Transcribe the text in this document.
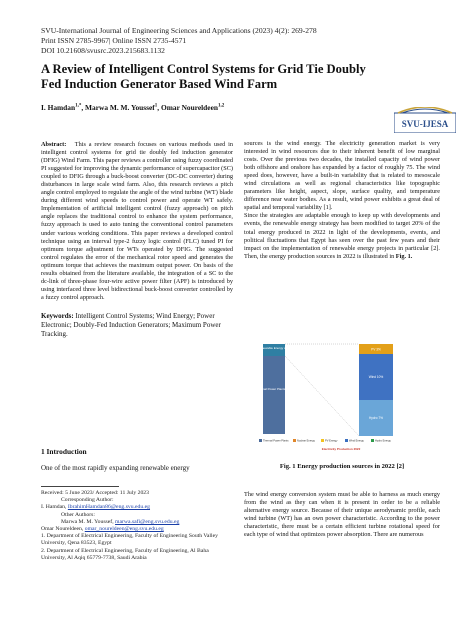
SVU-International Journal of Engineering Sciences and Applications (2023) 4(2): 269-278
Print ISSN 2785-9967| Online ISSN 2735-4571
DOI 10.21608/svusrc.2023.215683.1132
A Review of Intelligent Control Systems for Grid Tie Doubly Fed Induction Generator Based Wind Farm
I. Hamdan$^{1,*}$, Marwa M. M. Youssef$^1$, Omar Noureldeen$^{1,2}$
SVU-IJESA

Abstract: This a review research focuses on various methods used in intelligent control systems for grid tie doubly fed induction generator (DFIG) Wind Farm. This paper reviews a controller using fuzzy coordinated PI suggested for improving the dynamic performance of supercapacitor (SC) coupled to DFIG through a buck-boost converter (DC-DC converter) during disturbances in large scale wind farm. Also, this research reviews a pitch angle control employed to regulate the angle of the wind turbine (WT) blade during different wind speeds to control power and operate WT safely. Implementation of artificial intelligent control (fuzzy approach) on pitch angle replaces the traditional control to enhance the system performance, fuzzy approach is used to auto tuning the conventional control parameters under various working conditions. This paper reviews a developed control technique using an interval type-2 fuzzy logic control (FLC) tuned PI for optimum torque adjustment for WTs operated by DFIG. The suggested control regulates the error of the mechanical rotor speed and generates the optimum torque that achieves the maximum output power. On basis of the results obtained from the literature available, the integration of a SC to the dc-link of three-phase four-wire active power filter (APF) is introduced by using interfaced three level bidirectional buck-boost converter controlled by a fuzzy control approach.

Keywords: Intelligent Control Systems; Wind Energy; Power Electronic; Doubly-Fed Induction Generators; Maximum Power Tracking.

1 Introduction
One of the most rapidly expanding renewable energy
Received: 5 June 2023/ Accepted: 11 July 2023
Corresponding Author:
I. Hamdan, IbrahimHamdan86@eng.svu.edu.eg
Other Authors:
Marwa M. M. Youssef, marwa.safi@eng.svu.edu.eg
Omar Noureldeen, omar_noureldeen@eng.svu.edu.eg
1. Department of Electrical Engineering, Faculty of Engineering South Valley University, Qena 83523, Egypt
2. Department of Electrical Engineering, Faculty of Engineering, Al Baha University, Al Aqiq 65779-7738, Saudi Arabia

sources is the wind energy. The electricity generation market is very interested in wind resources due to their inherent benefit of low marginal costs. Over the previous two decades, the installed capacity of wind power both offshore and onshore has expanded by a factor of roughly 75. The wind speed does, however, have a built-in variability that is related to mesoscale wind circulations as well as regional characteristics like topographic parameters like height, aspect, slope, surface quality, and temperature difference near water bodies. As a result, wind power exhibits a great deal of spatial and temporal variability [1].

Since the strategies are adaptable enough to keep up with developments and events, the renewable energy strategy has been modified to target 20% of the total energy produced in 2022 in light of the developments, events, and political fluctuations that Egypt has seen over the past few years and their impact on the implementation of renewable energy projects in particular [2]. Then, the energy production sources in 2022 is illustrated in Fig. 1.

Renewable Energy 20%
Thermal Power Plants 80%
PV 3%
Wind 10%
Hydro 7%
Thermal Power Plants	Nuclear Energy	PV Energy	Wind Energy	Hydro Energy
Electricity Production 2022
Fig. 1 Energy production sources in 2022 [2]

The wind energy conversion system must be able to harness as much energy from the wind as they can when it is present in order to be a reliable alternative energy source. Because of their unique aerodynamic profile, each wind turbine (WT) has an own power characteristic. According to the power characteristic, there must be a certain efficient turbine rotational speed for each type of wind that optimizes power absorption. There are numerous
